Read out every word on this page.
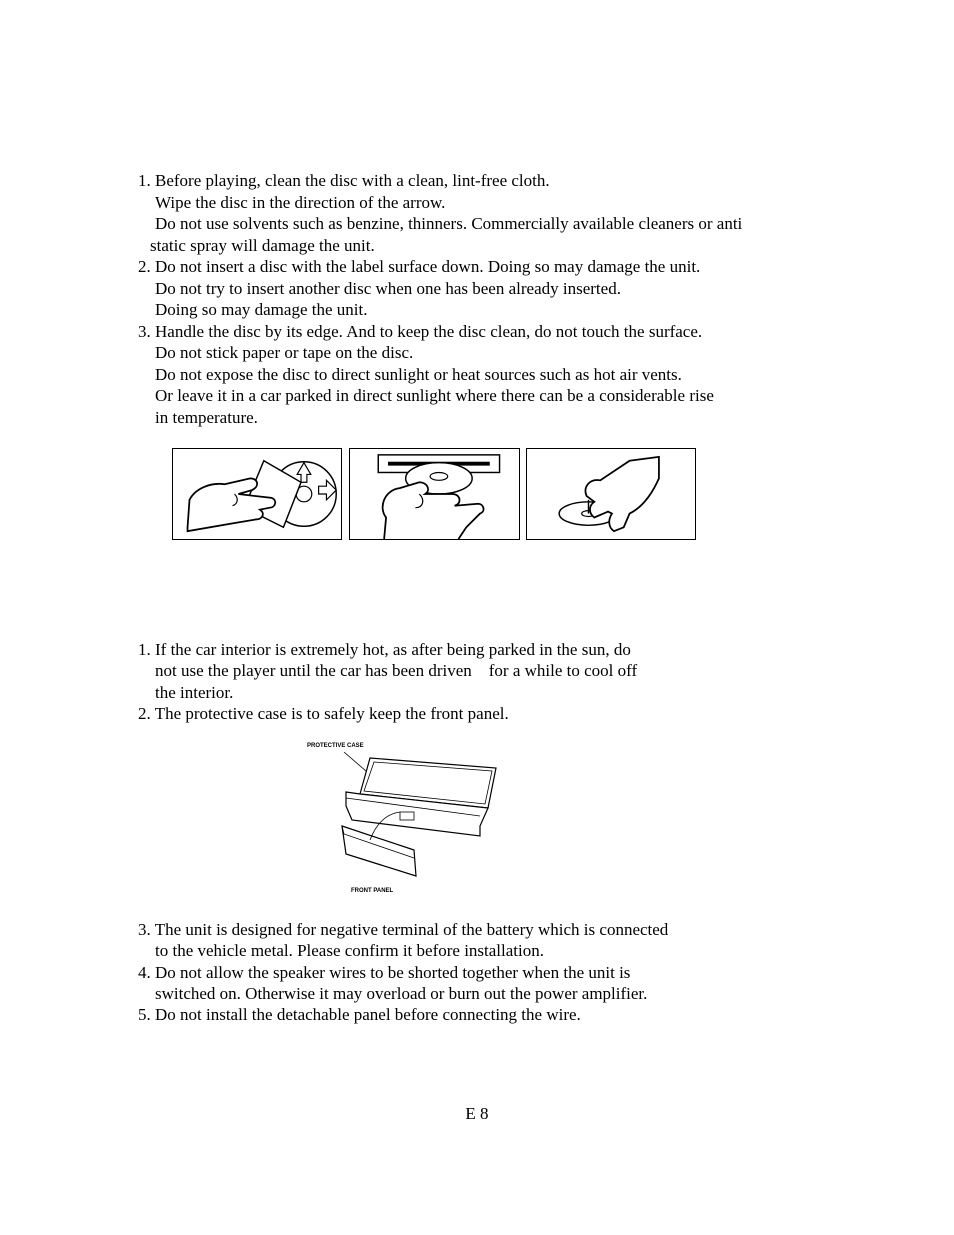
1. Before playing, clean the disc with a clean, lint-free cloth.
Wipe the disc in the direction of the arrow.
Do not use solvents such as benzine, thinners. Commercially available cleaners or anti
static spray will damage the unit.
2. Do not insert a disc with the label surface down. Doing so may damage the unit.
Do not try to insert another disc when one has been already inserted.
Doing so may damage the unit.
3. Handle the disc by its edge. And to keep the disc clean, do not touch the surface.
Do not stick paper or tape on the disc.
Do not expose the disc to direct sunlight or heat sources such as hot air vents.
Or leave it in a car parked in direct sunlight where there can be a considerable rise
in temperature.
1. If the car interior is extremely hot, as after being parked in the sun, do
not use the player until the car has been driven    for a while to cool off
the interior.
2. The protective case is to safely keep the front panel.
PROTECTIVE CASE
FRONT PANEL
3. The unit is designed for negative terminal of the battery which is connected
to the vehicle metal. Please confirm it before installation.
4. Do not allow the speaker wires to be shorted together when the unit is
switched on. Otherwise it may overload or burn out the power amplifier.
5. Do not install the detachable panel before connecting the wire.
E 8
